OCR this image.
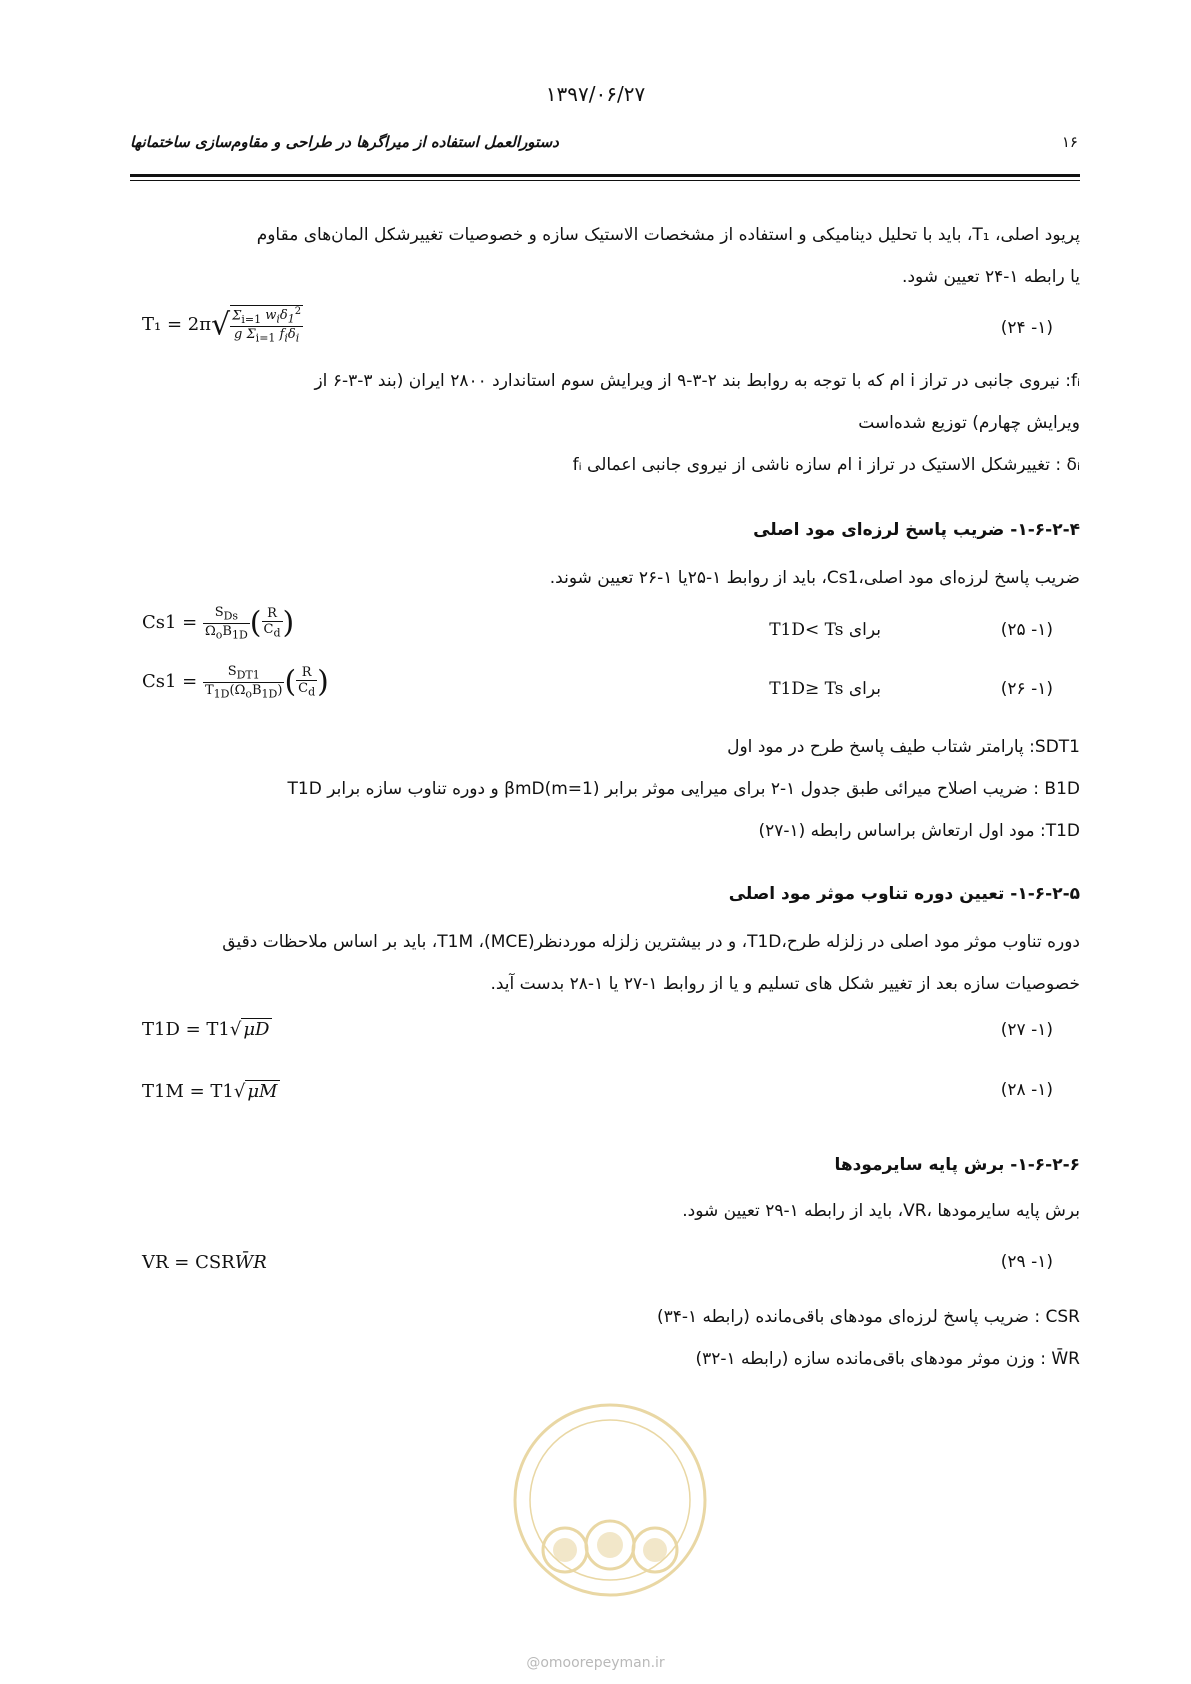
۱۳۹۷/۰۶/۲۷
دستورالعمل استفاده از میراگرها در طراحی و مقاوم‌سازی ساختمانها	۱۶
پریود اصلی، T₁، باید با تحلیل دینامیکی و استفاده از مشخصات الاستیک سازه و خصوصیات تغییرشکل المان‌های مقاوم
یا رابطه ۱-۲۴ تعیین شود.
$T_1 = 2\pi√ \frac{\Sigma_{i=1} w_i\delta_1^2}{g \Sigma_{i=1} f_i\delta_i}$	(۱- ۲۴)
fᵢ: نیروی جانبی در تراز i ام که با توجه به روابط بند ۲-۳-۹ از ویرایش سوم استاندارد ۲۸۰۰ ایران (بند ۳-۳-۶ از
ویرایش چهارم) توزیع شده‌است
δᵢ : تغییرشکل الاستیک در تراز i ام سازه ناشی از نیروی جانبی اعمالی fᵢ
۱-۶-۲-۴- ضریب پاسخ لرزه‌ای مود اصلی
ضریب پاسخ لرزه‌ای مود اصلی،Cs1، باید از روابط ۱-۲۵یا ۱-۲۶ تعیین شوند.
$Cs1 = \frac{S_{Ds}}{\Omega_oB_{1D}}$ ( $\frac{R}{C_d}$ )	برای T1D< Ts	(۱- ۲۵)
$Cs1 = \frac{S_{DT1}}{T_{1D}(\Omega_oB_{1D})}$ ( $\frac{R}{C_d}$ )	برای T1D≥ Ts	(۱- ۲۶)
SDT1: پارامتر شتاب طیف پاسخ طرح در مود اول
B1D : ضریب اصلاح میرائی طبق جدول ۱-۲ برای میرایی موثر برابر βmD(m=1) و دوره تناوب سازه برابر T1D
T1D: مود اول ارتعاش براساس رابطه (۱-۲۷)
۱-۶-۲-۵- تعیین دوره تناوب موثر مود اصلی
دوره تناوب موثر مود اصلی در زلزله طرح،T1D، و در بیشترین زلزله موردنظر(MCE)، T1M، باید بر اساس ملاحظات دقیق
خصوصیات سازه بعد از تغییر شکل های تسلیم و یا از روابط ۱-۲۷ یا ۱-۲۸ بدست آید.
T1D = T1√ μD	(۱- ۲۷)
T1M = T1√ μM	(۱- ۲۸)
۱-۶-۲-۶- برش پایه سایرمودها
برش پایه سایرمودها ،VR، باید از رابطه ۱-۲۹ تعیین شود.
VR = CSRW̄R	(۱- ۲۹)
CSR : ضریب پاسخ لرزه‌ای مودهای باقی‌مانده (رابطه ۱-۳۴)
W̄R : وزن موثر مودهای باقی‌مانده سازه (رابطه ۱-۳۲)
@omoorepeyman.ir
